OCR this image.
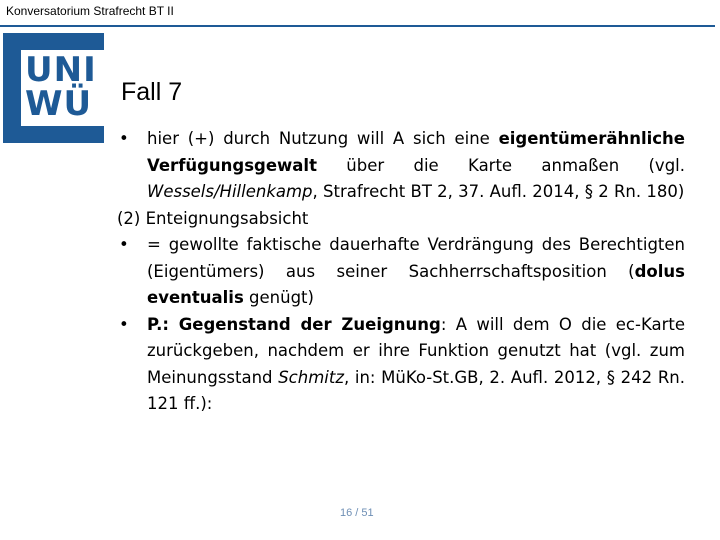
Konversatorium Strafrecht BT II
UNI
WÜ Fall 7
• hier (+) durch Nutzung will A sich eine eigentümerähnliche Verfügungsgewalt über die Karte anmaßen (vgl. Wessels/Hillenkamp, Strafrecht BT 2, 37. Aufl. 2014, § 2 Rn. 180)
(2) Enteignungsabsicht
• = gewollte faktische dauerhafte Verdrängung des Berechtigten (Eigentümers) aus seiner Sachherrschaftsposition (dolus eventualis genügt)
• P.: Gegenstand der Zueignung: A will dem O die ec-Karte zurückgeben, nachdem er ihre Funktion genutzt hat (vgl. zum Meinungsstand Schmitz, in: MüKo-St.GB, 2. Aufl. 2012, § 242 Rn. 121 ff.):
16 / 51
